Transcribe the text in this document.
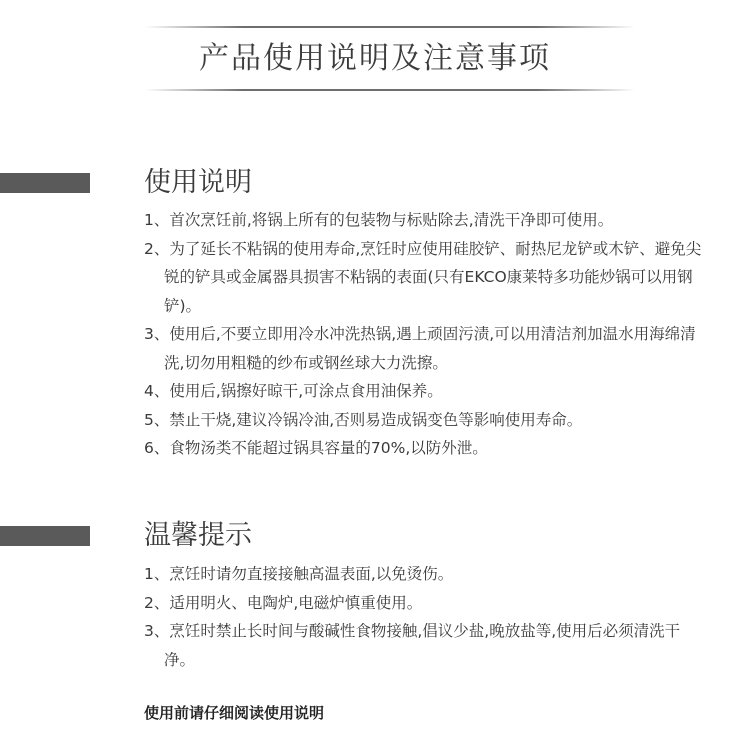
产品使用说明及注意事项
使用说明
1、首次烹饪前,将锅上所有的包装物与标贴除去,清洗干净即可使用。
2、为了延长不粘锅的使用寿命,烹饪时应使用硅胶铲、耐热尼龙铲或木铲、避免尖锐的铲具或金属器具损害不粘锅的表面(只有EKCO康莱特多功能炒锅可以用钢铲)。
3、使用后,不要立即用冷水冲洗热锅,遇上顽固污渍,可以用清洁剂加温水用海绵清洗,切勿用粗糙的纱布或钢丝球大力洗擦。
4、使用后,锅擦好晾干,可涂点食用油保养。
5、禁止干烧,建议冷锅冷油,否则易造成锅变色等影响使用寿命。
6、食物汤类不能超过锅具容量的70%,以防外泄。
温馨提示
1、烹饪时请勿直接接触高温表面,以免烫伤。
2、适用明火、电陶炉,电磁炉慎重使用。
3、烹饪时禁止长时间与酸碱性食物接触,倡议少盐,晚放盐等,使用后必须清洗干净。

使用前请仔细阅读使用说明
